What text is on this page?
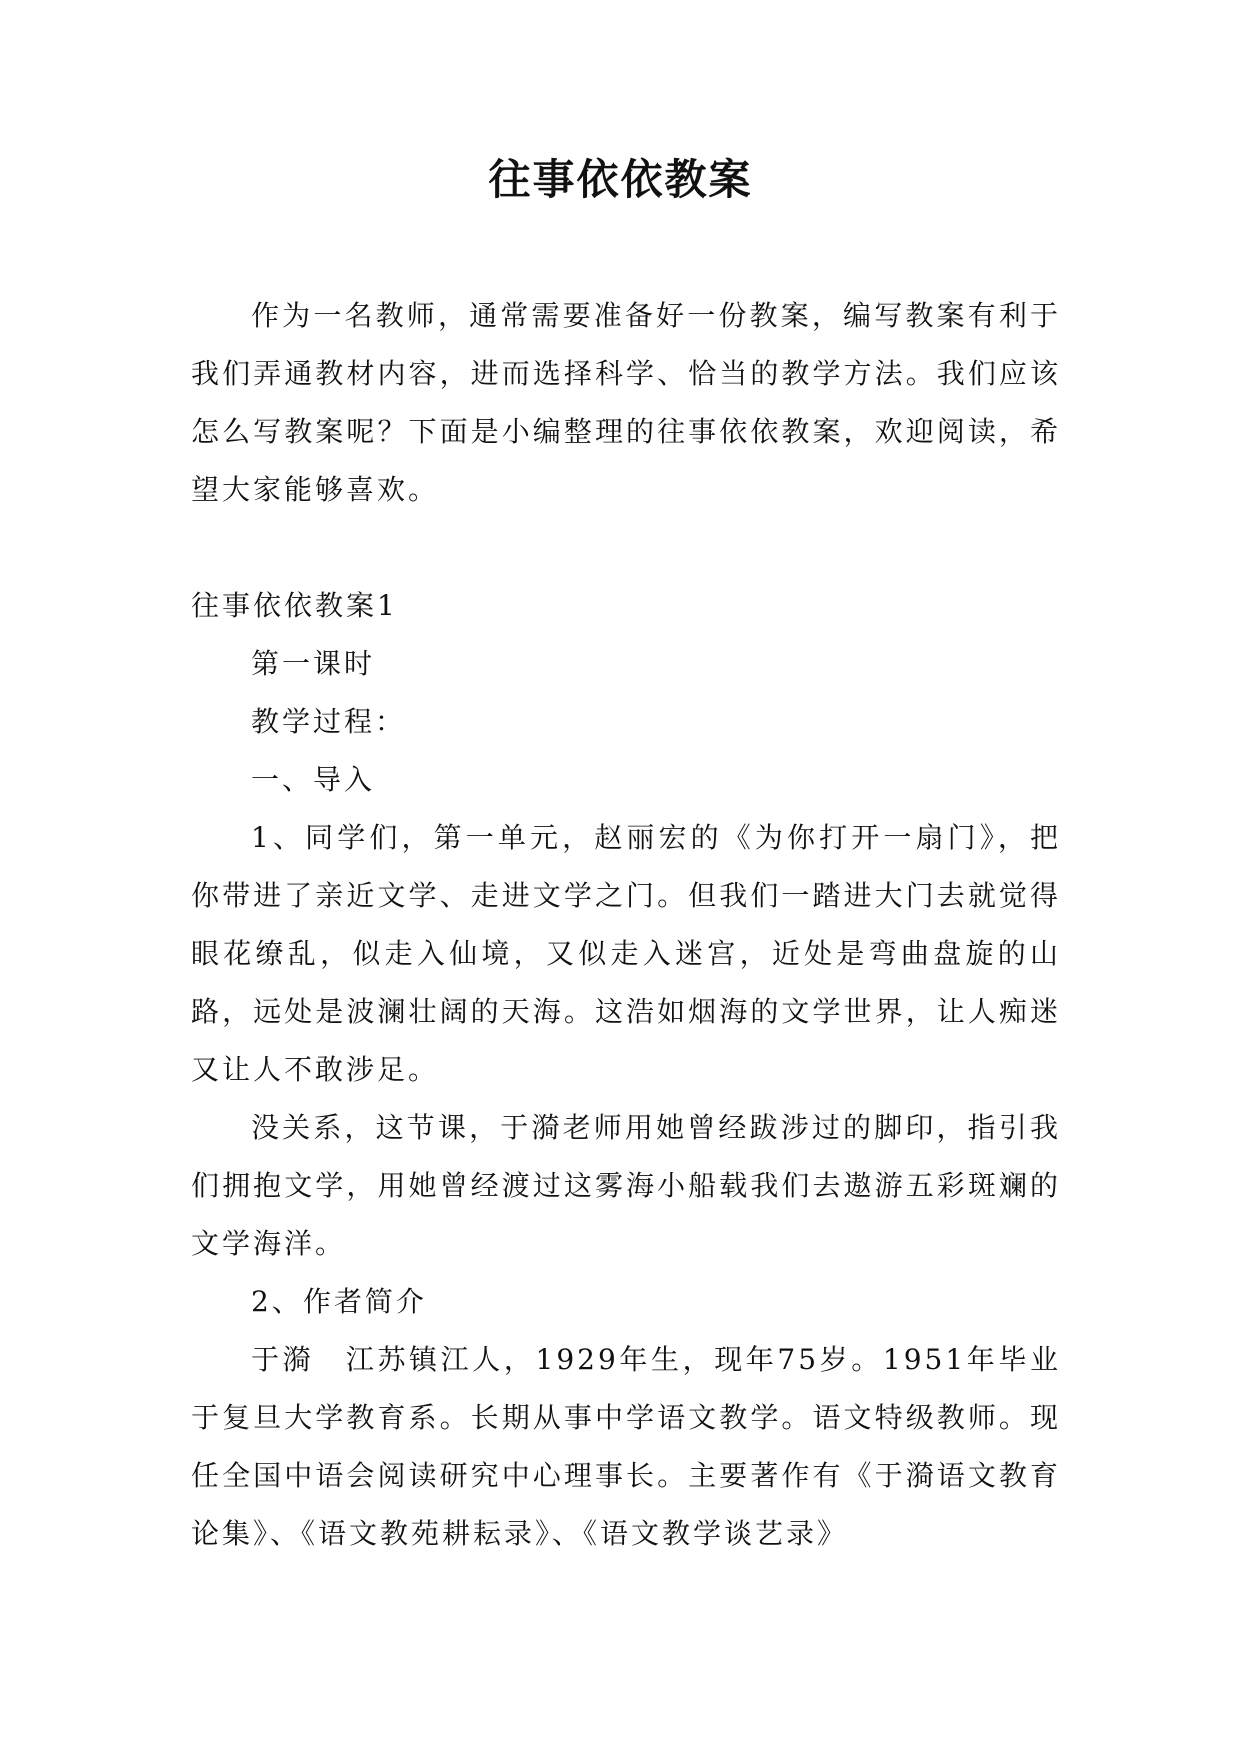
往事依依教案

作为一名教师，通常需要准备好一份教案，编写教案有利于我们弄通教材内容，进而选择科学、恰当的教学方法。我们应该怎么写教案呢？下面是小编整理的往事依依教案，欢迎阅读，希望大家能够喜欢。

往事依依教案1

第一课时

教学过程：

一、导入

1、同学们，第一单元，赵丽宏的《为你打开一扇门》，把你带进了亲近文学、走进文学之门。但我们一踏进大门去就觉得眼花缭乱，似走入仙境，又似走入迷宫，近处是弯曲盘旋的山路，远处是波澜壮阔的天海。这浩如烟海的文学世界，让人痴迷又让人不敢涉足。

没关系，这节课，于漪老师用她曾经跋涉过的脚印，指引我们拥抱文学，用她曾经渡过这雾海小船载我们去遨游五彩斑斓的文学海洋。

2、作者简介

于漪　江苏镇江人，1929年生，现年75岁。1951年毕业于复旦大学教育系。长期从事中学语文教学。语文特级教师。现任全国中语会阅读研究中心理事长。主要著作有《于漪语文教育论集》、《语文教苑耕耘录》、《语文教学谈艺录》
